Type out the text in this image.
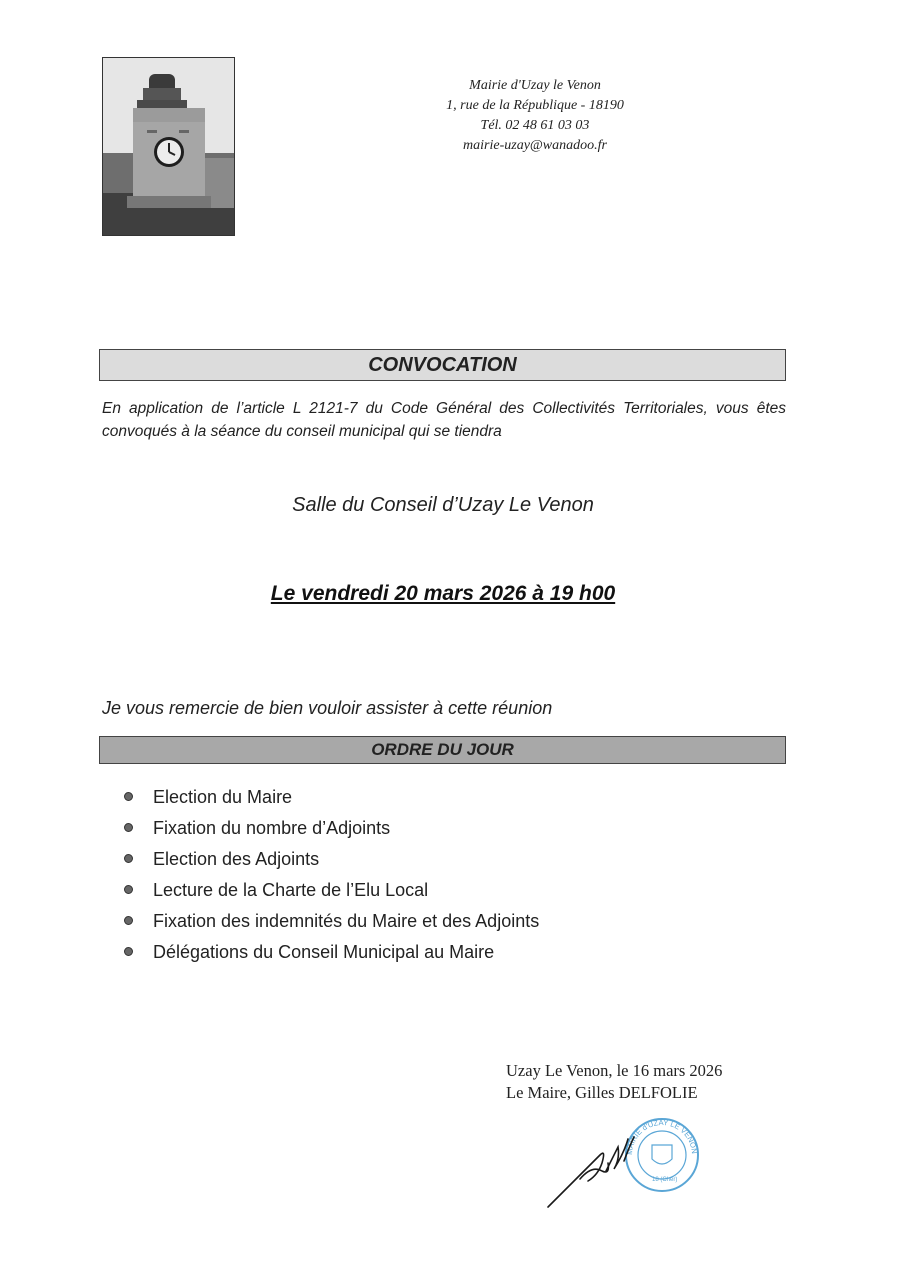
Mairie d'Uzay le Venon
1, rue de la République - 18190
Tél. 02 48 61 03 03
mairie-uzay@wanadoo.fr
CONVOCATION
En application de l’article L 2121-7 du Code Général des Collectivités Territoriales, vous êtes convoqués à la séance du conseil municipal qui se tiendra
Salle du Conseil d’Uzay Le Venon
Le vendredi 20 mars 2026 à 19 h00
Je vous remercie de bien vouloir assister à cette réunion
ORDRE DU JOUR
Election du Maire
Fixation du nombre d’Adjoints
Election des Adjoints
Lecture de la Charte de l’Elu Local
Fixation des indemnités du Maire et des Adjoints
Délégations du Conseil Municipal au Maire
Uzay Le Venon, le 16 mars 2026
Le Maire, Gilles DELFOLIE
MAIRIE d'UZAY LE VENON
18 (Cher)
